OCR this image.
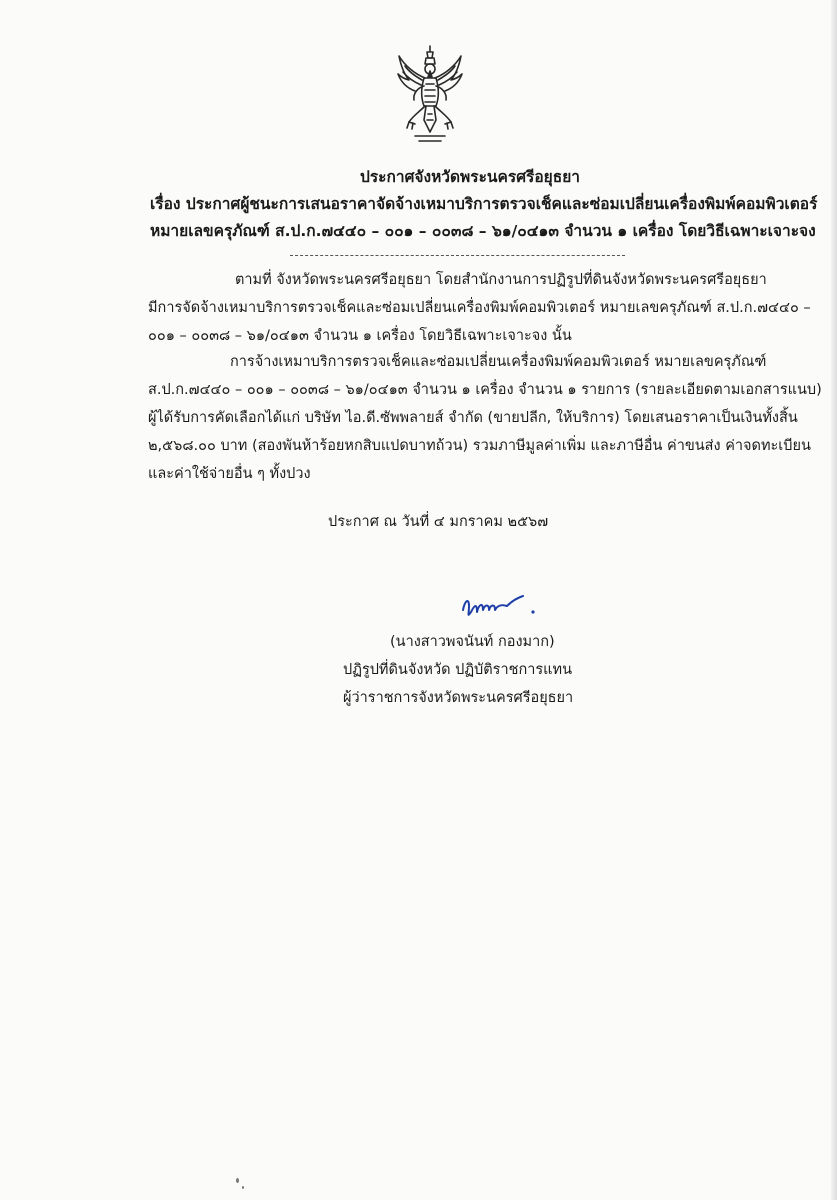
ประกาศจังหวัดพระนครศรีอยุธยา
เรื่อง ประกาศผู้ชนะการเสนอราคาจัดจ้างเหมาบริการตรวจเช็คและซ่อมเปลี่ยนเครื่องพิมพ์คอมพิวเตอร์
หมายเลขครุภัณฑ์ ส.ป.ก.๗๔๔๐ – ๐๐๑ – ๐๐๓๘ – ๖๑/๐๔๑๓ จำนวน ๑ เครื่อง โดยวิธีเฉพาะเจาะจง
ตามที่ จังหวัดพระนครศรีอยุธยา โดยสำนักงานการปฏิรูปที่ดินจังหวัดพระนครศรีอยุธยา
มีการจัดจ้างเหมาบริการตรวจเช็คและซ่อมเปลี่ยนเครื่องพิมพ์คอมพิวเตอร์ หมายเลขครุภัณฑ์ ส.ป.ก.๗๔๔๐ –
๐๐๑ – ๐๐๓๘ – ๖๑/๐๔๑๓ จำนวน ๑ เครื่อง โดยวิธีเฉพาะเจาะจง นั้น
การจ้างเหมาบริการตรวจเช็คและซ่อมเปลี่ยนเครื่องพิมพ์คอมพิวเตอร์ หมายเลขครุภัณฑ์
ส.ป.ก.๗๔๔๐ – ๐๐๑ – ๐๐๓๘ – ๖๑/๐๔๑๓ จำนวน ๑ เครื่อง จำนวน ๑ รายการ (รายละเอียดตามเอกสารแนบ)
ผู้ได้รับการคัดเลือกได้แก่ บริษัท ไอ.ดี.ซัพพลายส์ จำกัด (ขายปลีก, ให้บริการ) โดยเสนอราคาเป็นเงินทั้งสิ้น
๒,๕๖๘.๐๐ บาท (สองพันห้าร้อยหกสิบแปดบาทถ้วน) รวมภาษีมูลค่าเพิ่ม และภาษีอื่น ค่าขนส่ง ค่าจดทะเบียน
และค่าใช้จ่ายอื่น ๆ ทั้งปวง
ประกาศ ณ วันที่ ๔ มกราคม ๒๕๖๗
(นางสาวพจนันท์ กองมาก)
ปฏิรูปที่ดินจังหวัด ปฏิบัติราชการแทน
ผู้ว่าราชการจังหวัดพระนครศรีอยุธยา
